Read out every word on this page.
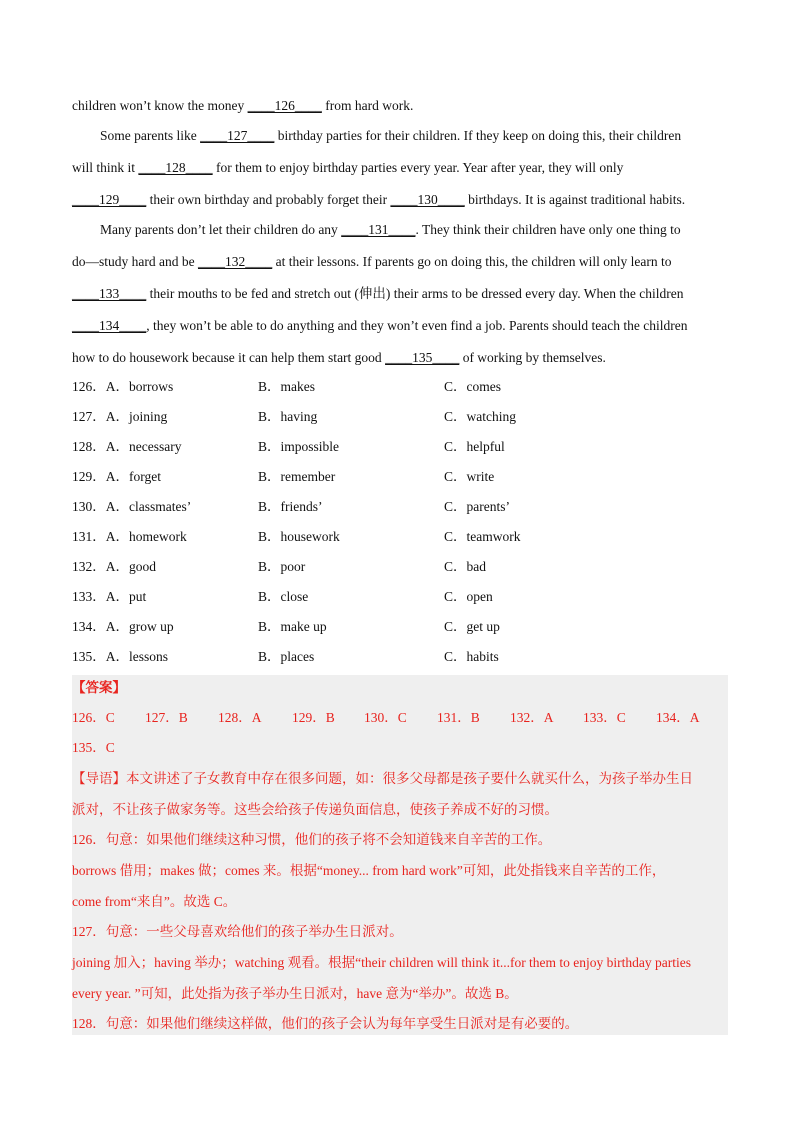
children won’t know the money ____126____ from hard work.
Some parents like ____127____ birthday parties for their children. If they keep on doing this, their children
will think it ____128____ for them to enjoy birthday parties every year. Year after year, they will only
____129____ their own birthday and probably forget their ____130____ birthdays. It is against traditional habits.
Many parents don’t let their children do any ____131____. They think their children have only one thing to
do—study hard and be ____132____ at their lessons. If parents go on doing this, the children will only learn to
____133____ their mouths to be fed and stretch out (伸出) their arms to be dressed every day. When the children
____134____, they won’t be able to do anything and they won’t even find a job. Parents should teach the children
how to do housework because it can help them start good ____135____ of working by themselves.
126．A．borrows	B．makes	C．comes
127．A．joining	B．having	C．watching
128．A．necessary	B．impossible	C．helpful
129．A．forget	B．remember	C．write
130．A．classmates’	B．friends’	C．parents’
131．A．homework	B．housework	C．teamwork
132．A．good	B．poor	C．bad
133．A．put	B．close	C．open
134．A．grow up	B．make up	C．get up
135．A．lessons	B．places	C．habits
【答案】
126．C 127．B 128．A 129．B 130．C 131．B 132．A 133．C 134．A
135．C
【导语】本文讲述了子女教育中存在很多问题，如：很多父母都是孩子要什么就买什么，为孩子举办生日
派对，不让孩子做家务等。这些会给孩子传递负面信息，使孩子养成不好的习惯。
126．句意：如果他们继续这种习惯，他们的孩子将不会知道钱来自辛苦的工作。
borrows 借用；makes 做；comes 来。根据“money... from hard work”可知，此处指钱来自辛苦的工作，
come from“来自”。故选 C。
127．句意：一些父母喜欢给他们的孩子举办生日派对。
joining 加入；having 举办；watching 观看。根据“their children will think it...for them to enjoy birthday parties
every year. ”可知，此处指为孩子举办生日派对，have 意为“举办”。故选 B。
128．句意：如果他们继续这样做，他们的孩子会认为每年享受生日派对是有必要的。
